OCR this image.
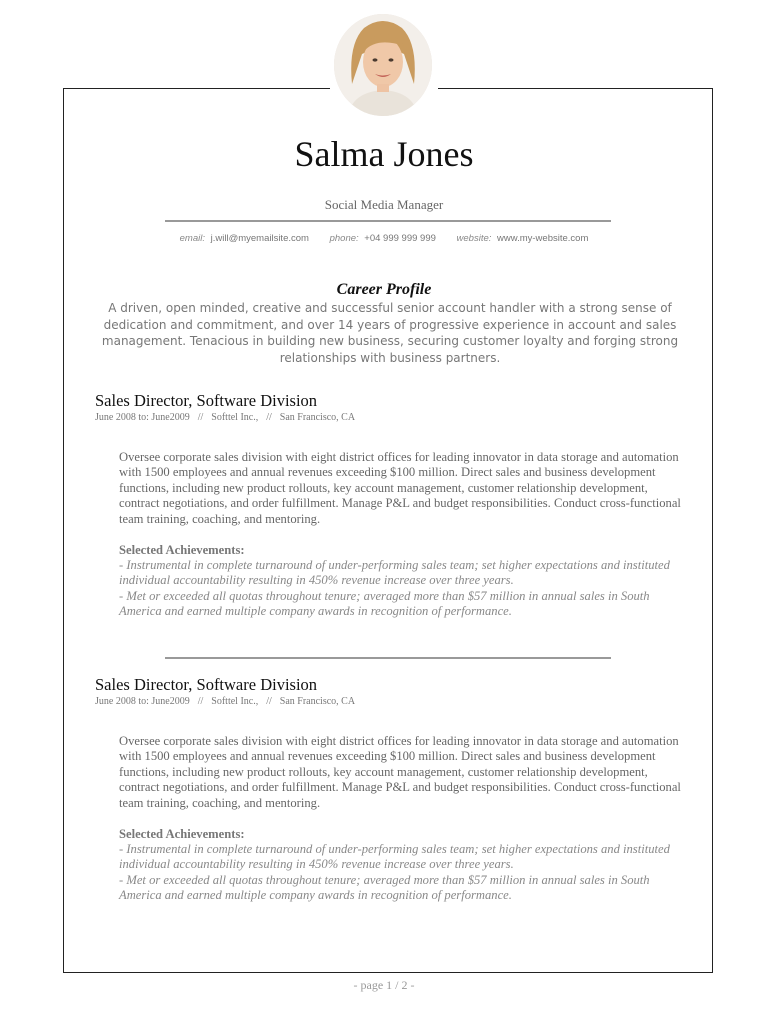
Salma Jones
Social Media Manager
email: j.will@myemailsite.com phone: +04 999 999 999 website: www.my-website.com
Career Profile
A driven, open minded, creative and successful senior account handler with a strong sense of dedication and commitment, and over 14 years of progressive experience in account and sales management. Tenacious in building new business, securing customer loyalty and forging strong relationships with business partners.
Sales Director, Software Division
June 2008 to: June2009 // Softtel Inc., // San Francisco, CA
Oversee corporate sales division with eight district offices for leading innovator in data storage and automation with 1500 employees and annual revenues exceeding $100 million. Direct sales and business development functions, including new product rollouts, key account management, customer relationship development, contract negotiations, and order fulfillment. Manage P&L and budget responsibilities. Conduct cross-functional team training, coaching, and mentoring.
Selected Achievements:
- Instrumental in complete turnaround of under-performing sales team; set higher expectations and instituted individual accountability resulting in 450% revenue increase over three years.
- Met or exceeded all quotas throughout tenure; averaged more than $57 million in annual sales in South America and earned multiple company awards in recognition of performance.
Sales Director, Software Division
June 2008 to: June2009 // Softtel Inc., // San Francisco, CA
Oversee corporate sales division with eight district offices for leading innovator in data storage and automation with 1500 employees and annual revenues exceeding $100 million. Direct sales and business development functions, including new product rollouts, key account management, customer relationship development, contract negotiations, and order fulfillment. Manage P&L and budget responsibilities. Conduct cross-functional team training, coaching, and mentoring.
Selected Achievements:
- Instrumental in complete turnaround of under-performing sales team; set higher expectations and instituted individual accountability resulting in 450% revenue increase over three years.
- Met or exceeded all quotas throughout tenure; averaged more than $57 million in annual sales in South America and earned multiple company awards in recognition of performance.
- page 1 / 2 -
